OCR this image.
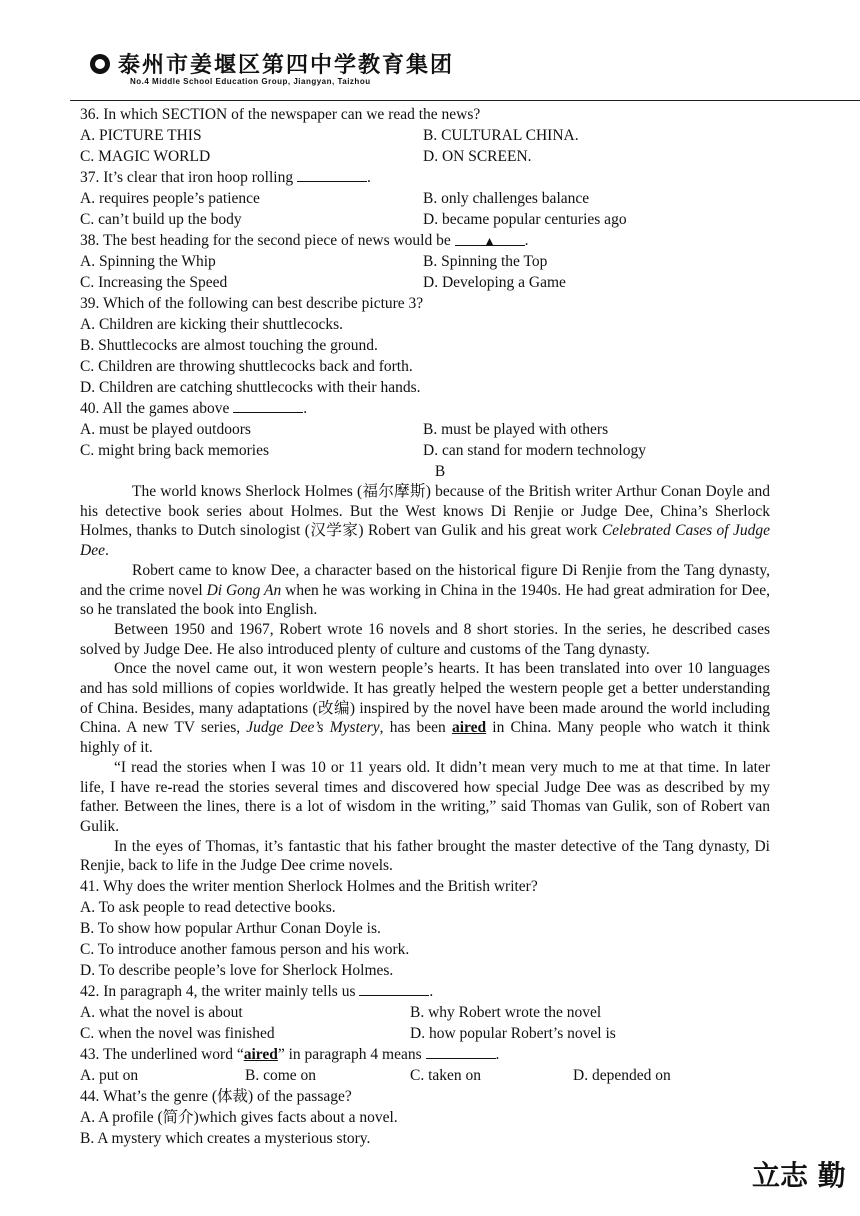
泰州市姜堰区第四中学教育集团
No.4 Middle School Education Group, Jiangyan, Taizhou
36. In which SECTION of the newspaper can we read the news?
A. PICTURE THIS	B. CULTURAL CHINA.
C. MAGIC WORLD	D. ON SCREEN.
37. It’s clear that iron hoop rolling	.
A. requires people’s patience	B. only challenges balance
C. can’t build up the body	D. became popular centuries ago
38. The best heading for the second piece of news would be	▲ .
A. Spinning the Whip	B. Spinning the Top
C. Increasing the Speed	D. Developing a Game
39. Which of the following can best describe picture 3?
A. Children are kicking their shuttlecocks.
B. Shuttlecocks are almost touching the ground.
C. Children are throwing shuttlecocks back and forth.
D. Children are catching shuttlecocks with their hands.
40. All the games above	.
A. must be played outdoors	B. must be played with others
C. might bring back memories	D. can stand for modern technology
B

The world knows Sherlock Holmes (福尔摩斯) because of the British writer Arthur Conan Doyle and his detective book series about Holmes. But the West knows Di Renjie or Judge Dee, China’s Sherlock Holmes, thanks to Dutch sinologist (汉学家) Robert van Gulik and his great work Celebrated Cases of Judge Dee.

Robert came to know Dee, a character based on the historical figure Di Renjie from the Tang dynasty, and the crime novel Di Gong An when he was working in China in the 1940s. He had great admiration for Dee, so he translated the book into English.

Between 1950 and 1967, Robert wrote 16 novels and 8 short stories. In the series, he described cases solved by Judge Dee. He also introduced plenty of culture and customs of the Tang dynasty.

Once the novel came out, it won western people’s hearts. It has been translated into over 10 languages and has sold millions of copies worldwide. It has greatly helped the western people get a better understanding of China. Besides, many adaptations (改编) inspired by the novel have been made around the world including China. A new TV series, Judge Dee’s Mystery, has been aired in China. Many people who watch it think highly of it.

“I read the stories when I was 10 or 11 years old. It didn’t mean very much to me at that time. In later life, I have re-read the stories several times and discovered how special Judge Dee was as described by my father. Between the lines, there is a lot of wisdom in the writing,” said Thomas van Gulik, son of Robert van Gulik.

In the eyes of Thomas, it’s fantastic that his father brought the master detective of the Tang dynasty, Di Renjie, back to life in the Judge Dee crime novels.

41. Why does the writer mention Sherlock Holmes and the British writer?
A. To ask people to read detective books.
B. To show how popular Arthur Conan Doyle is.
C. To introduce another famous person and his work.
D. To describe people’s love for Sherlock Holmes.
42. In paragraph 4, the writer mainly tells us	.
A. what the novel is about	B. why Robert wrote the novel
C. when the novel was finished	D. how popular Robert’s novel is
43. The underlined word “aired” in paragraph 4 means	.
A. put on	B. come on	C. taken on	D. depended on
44. What’s the genre (体裁) of the passage?
A. A profile (简介)which gives facts about a novel.
B. A mystery which creates a mysterious story.
立志 勤
